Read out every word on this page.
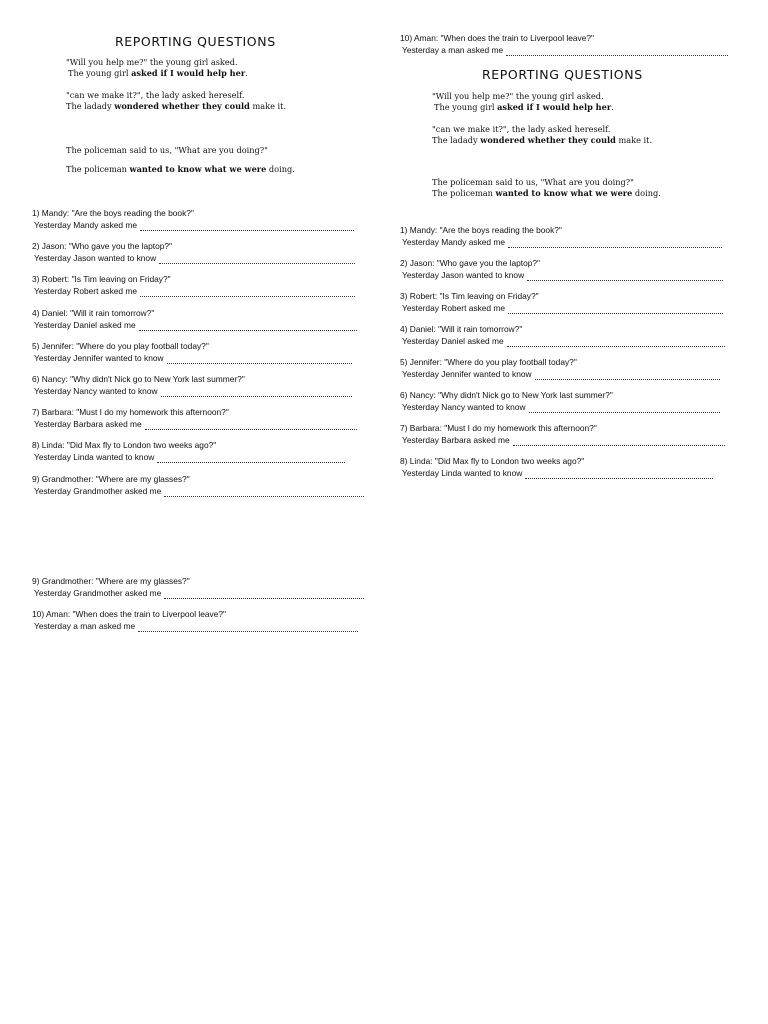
REPORTING QUESTIONS
"Will you help me?" the young girl asked.
The young girl asked if I would help her.
"can we make it?", the lady asked hereself.
The ladady wondered whether they could make it.
The policeman said to us, "What are you doing?"
The policeman wanted to know what we were doing.
1) Mandy: "Are the boys reading the book?"
Yesterday Mandy asked me
2) Jason: "Who gave you the laptop?"
Yesterday Jason wanted to know
3) Robert: "Is Tim leaving on Friday?"
Yesterday Robert asked me
4) Daniel: "Will it rain tomorrow?"
Yesterday Daniel asked me
5) Jennifer: "Where do you play football today?"
Yesterday Jennifer wanted to know
6) Nancy: "Why didn't Nick go to New York last summer?"
Yesterday Nancy wanted to know
7) Barbara: "Must I do my homework this afternoon?"
Yesterday Barbara asked me
8) Linda: "Did Max fly to London two weeks ago?"
Yesterday Linda wanted to know
9) Grandmother: "Where are my glasses?"
Yesterday Grandmother asked me
9) Grandmother: "Where are my glasses?"
Yesterday Grandmother asked me
10) Aman: "When does the train to Liverpool leave?"
Yesterday a man asked me
10) Aman: "When does the train to Liverpool leave?"
Yesterday a man asked me
REPORTING QUESTIONS
"Will you help me?" the young girl asked.
The young girl asked if I would help her.
"can we make it?", the lady asked hereself.
The ladady wondered whether they could make it.
The policeman said to us, "What are you doing?"
The policeman wanted to know what we were doing.
1) Mandy: "Are the boys reading the book?"
Yesterday Mandy asked me
2) Jason: "Who gave you the laptop?"
Yesterday Jason wanted to know
3) Robert: "Is Tim leaving on Friday?"
Yesterday Robert asked me
4) Daniel: "Will it rain tomorrow?"
Yesterday Daniel asked me
5) Jennifer: "Where do you play football today?"
Yesterday Jennifer wanted to know
6) Nancy: "Why didn't Nick go to New York last summer?"
Yesterday Nancy wanted to know
7) Barbara: "Must I do my homework this afternoon?"
Yesterday Barbara asked me
8) Linda: "Did Max fly to London two weeks ago?"
Yesterday Linda wanted to know
